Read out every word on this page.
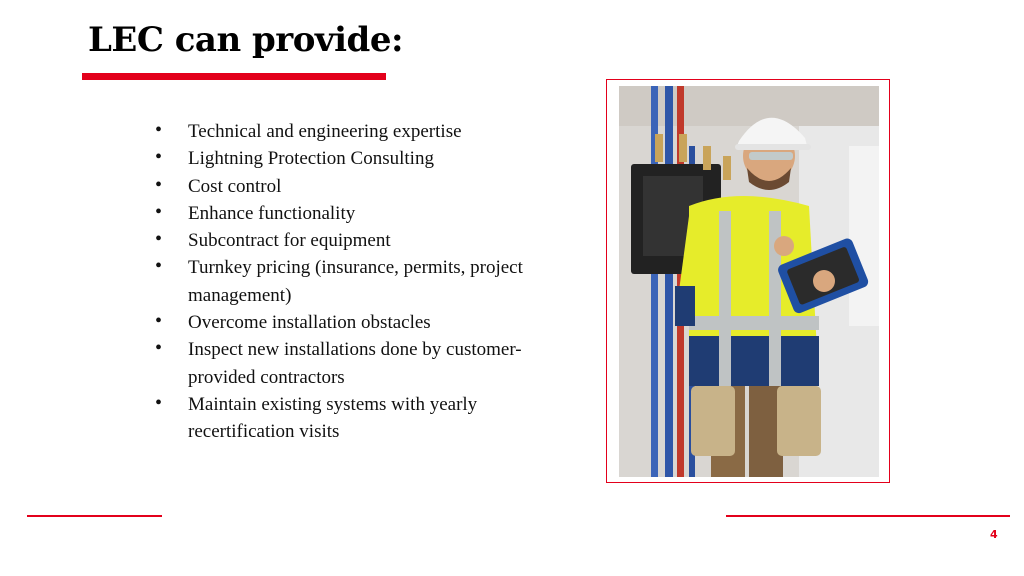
LEC can provide:
• Technical and engineering expertise
• Lightning Protection Consulting
• Cost control
• Enhance functionality
• Subcontract for equipment
• Turnkey pricing (insurance, permits, project management)
• Overcome installation obstacles
• Inspect new installations done by customer-provided contractors
• Maintain existing systems with yearly recertification visits
4
